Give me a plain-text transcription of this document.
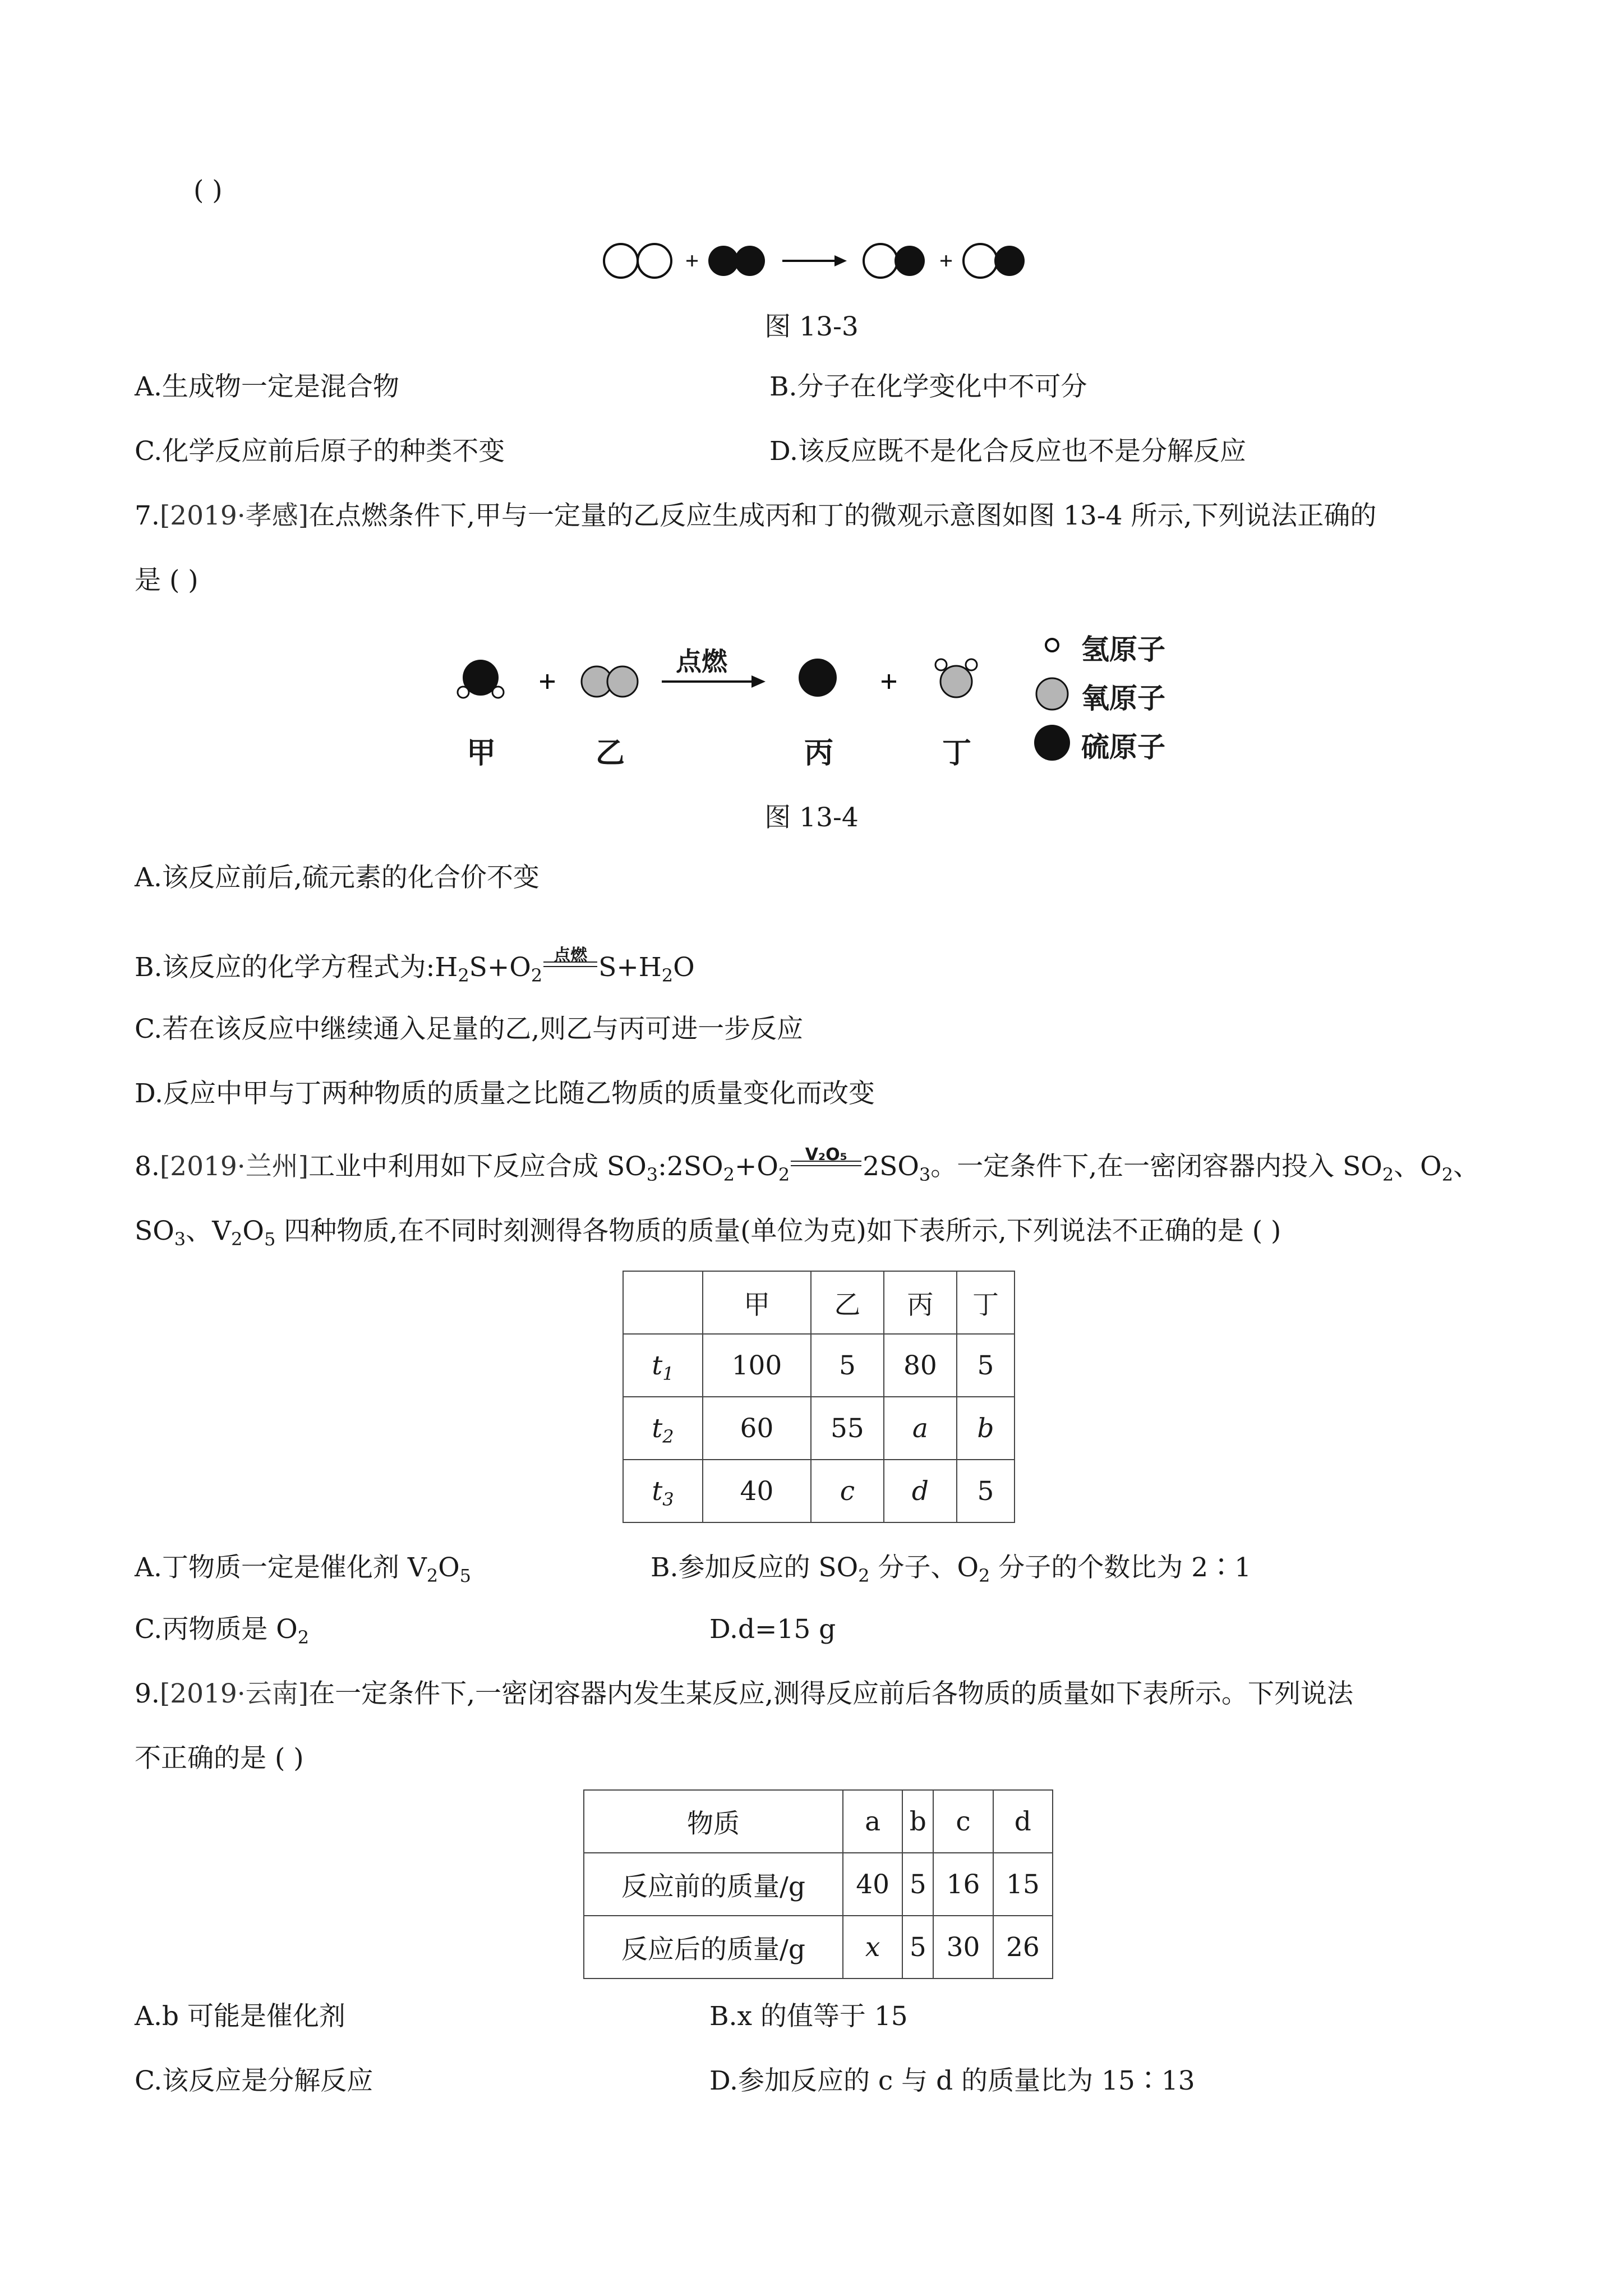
( )
图 13-3
A.生成物一定是混合物	B.分子在化学变化中不可分
C.化学反应前后原子的种类不变	D.该反应既不是化合反应也不是分解反应
7.[2019·孝感]在点燃条件下,甲与一定量的乙反应生成丙和丁的微观示意图如图 13-4 所示,下列说法正确的
是 ( )
点燃
甲	乙	丙	丁
氢原子
氧原子
硫原子
图 13-4
A.该反应前后,硫元素的化合价不变
B.该反应的化学方程式为$:H_2S+O_2$
点燃 $S+H_2O$
C.若在该反应中继续通入足量的乙,则乙与丙可进一步反应
D.反应中甲与丁两种物质的质量之比随乙物质的质量变化而改变
8.[2019·兰州]工业中利用如下反应合成 $SO_3:2SO_2+O_2$
V₂O₅ $2SO_3$。一定条件下,在一密闭容器内投入 $SO_2$、$O_2$、
$SO_3$、$V_2O_5$ 四种物质,在不同时刻测得各物质的质量(单位为克)如下表所示,下列说法不正确的是 ( )
	甲	乙	丙	丁
$t_1$	100	5	80	5
$t_2$	60	55	a	b
$t_3$	40	c	d	5
A.丁物质一定是催化剂 $V_2O_5$	B.参加反应的 $SO_2$ 分子、$O_2$ 分子的个数比为 2∶1
C.丙物质是 $O_2$	D.d=15 g
9.[2019·云南]在一定条件下,一密闭容器内发生某反应,测得反应前后各物质的质量如下表所示。下列说法
不正确的是 ( )
物质	a	b	c	d
反应前的质量/g	40	5	16	15
反应后的质量/g	x	5	30	26
A.b 可能是催化剂	B.x 的值等于 15
C.该反应是分解反应	D.参加反应的 c 与 d 的质量比为 15∶13
